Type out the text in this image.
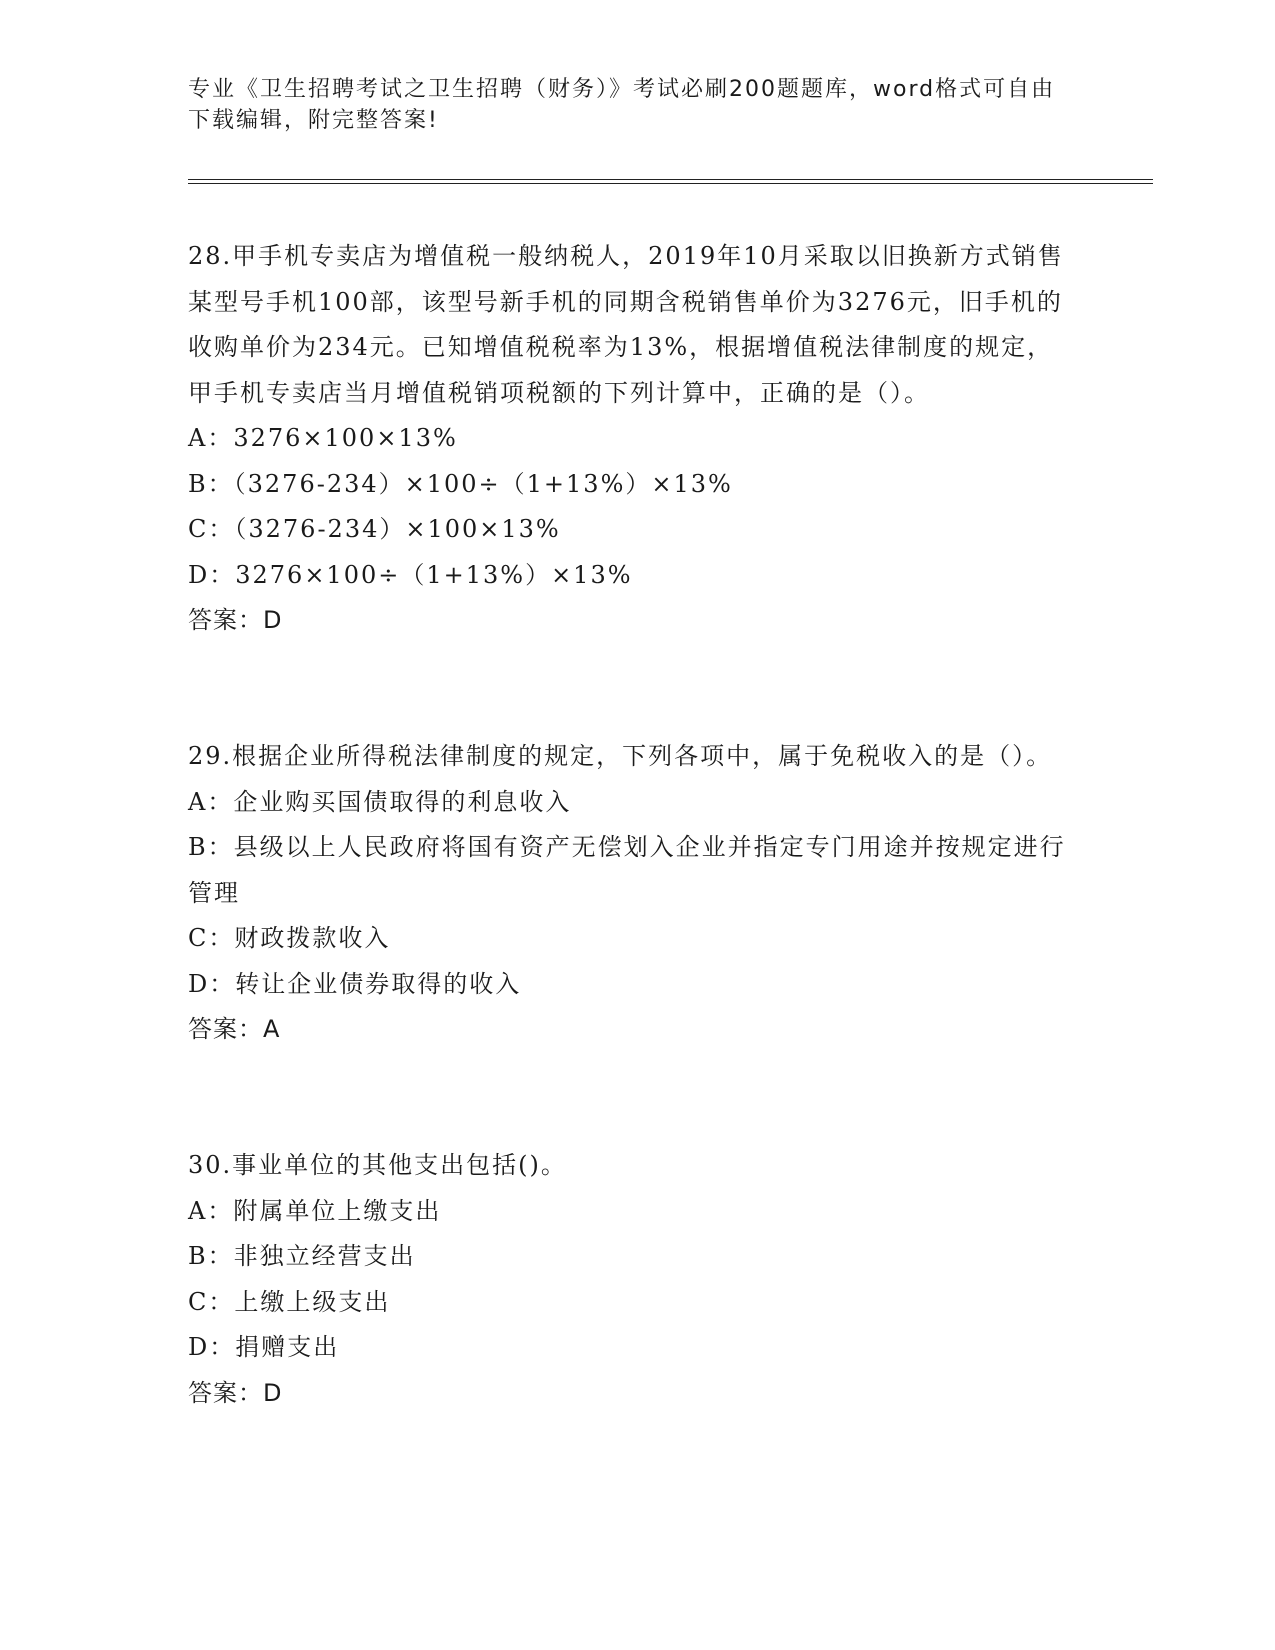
专业《卫生招聘考试之卫生招聘（财务）》考试必刷200题题库，word格式可自由下载编辑，附完整答案!

28.甲手机专卖店为增值税一般纳税人，2019年10月采取以旧换新方式销售某型号手机100部，该型号新手机的同期含税销售单价为3276元，旧手机的收购单价为234元。已知增值税税率为13%，根据增值税法律制度的规定，甲手机专卖店当月增值税销项税额的下列计算中，正确的是（）。

A：3276×100×13%

B：（3276-234）×100÷（1+13%）×13%

C：（3276-234）×100×13%

D：3276×100÷（1+13%）×13%

答案：D

29.根据企业所得税法律制度的规定，下列各项中，属于免税收入的是（）。

A：企业购买国债取得的利息收入

B：县级以上人民政府将国有资产无偿划入企业并指定专门用途并按规定进行管理

C：财政拨款收入

D：转让企业债券取得的收入

答案：A

30.事业单位的其他支出包括()。

A：附属单位上缴支出

B：非独立经营支出

C：上缴上级支出

D：捐赠支出

答案：D
